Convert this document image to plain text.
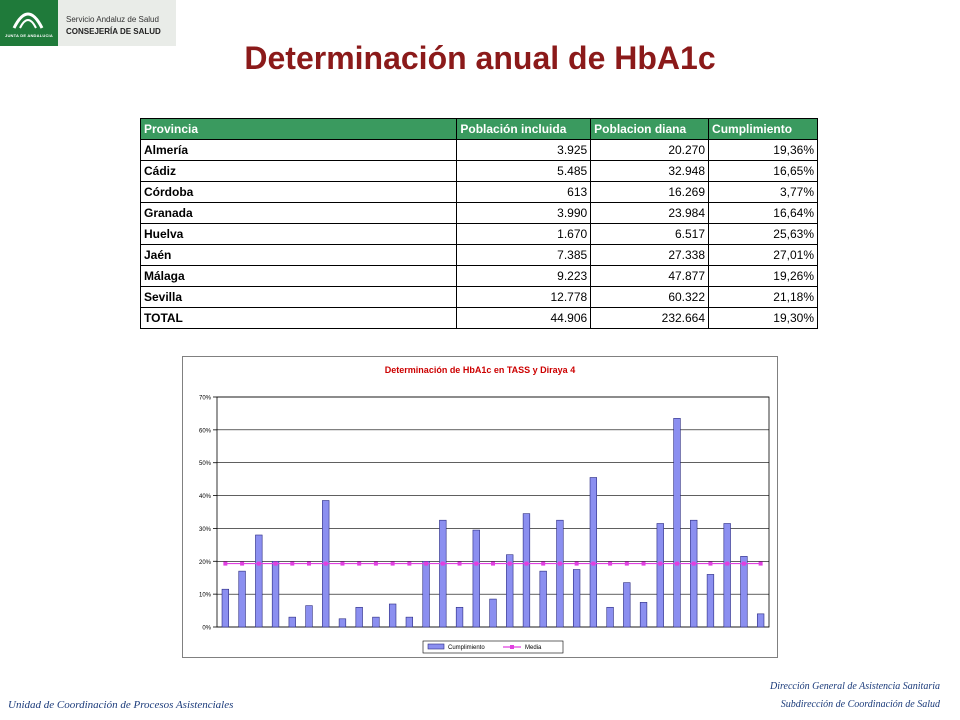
JUNTA DE ANDALUCIA
Servicio Andaluz de Salud
CONSEJERÍA DE SALUD
Determinación anual de HbA1c
Provincia	Población incluida	Poblacion diana	Cumplimiento
Almería	3.925	20.270	19,36%
Cádiz	5.485	32.948	16,65%
Córdoba	613	16.269	3,77%
Granada	3.990	23.984	16,64%
Huelva	1.670	6.517	25,63%
Jaén	7.385	27.338	27,01%
Málaga	9.223	47.877	19,26%
Sevilla	12.778	60.322	21,18%
TOTAL	44.906	232.664	19,30%
Determinación de HbA1c en TASS y Diraya 4
0%
10%
20%
30%
40%
50%
60%
70%
Cumplimiento	Media
Unidad de Coordinación de Procesos Asistenciales
Dirección General de Asistencia Sanitaria
Subdirección de Coordinación de Salud
